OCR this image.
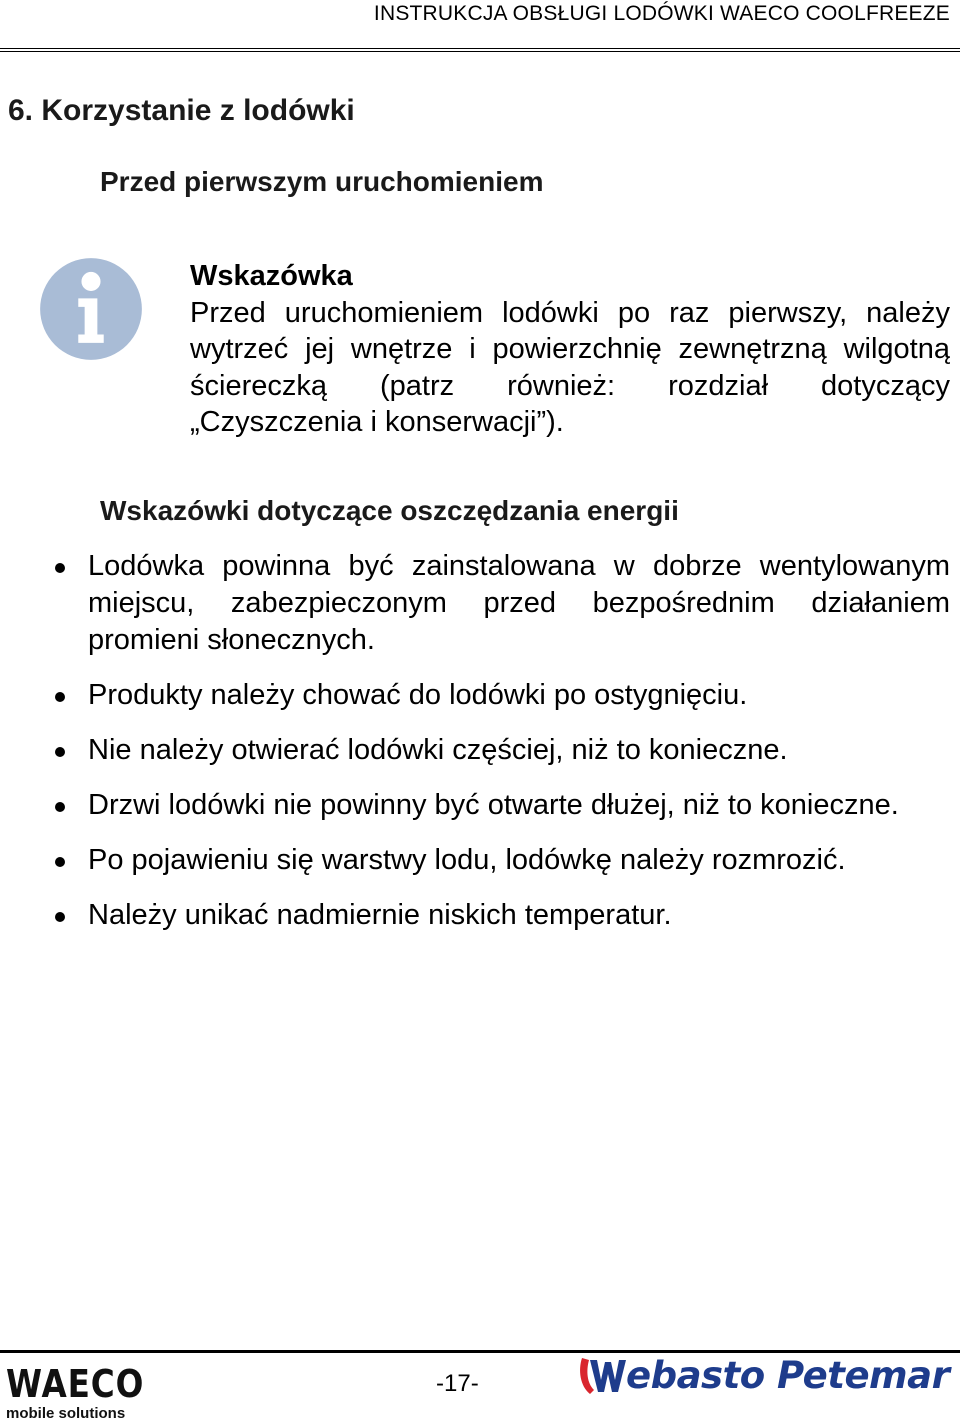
INSTRUKCJA OBSŁUGI LODÓWKI WAECO COOLFREEZE
6. Korzystanie z lodówki
Przed pierwszym uruchomieniem
Wskazówka
Przed uruchomieniem lodówki po raz pierwszy, należy wytrzeć jej wnętrze i powierzchnię zewnętrzną wilgotną ściereczką (patrz również: rozdział dotyczący „Czyszczenia i konserwacji”).
Wskazówki dotyczące oszczędzania energii
Lodówka powinna być zainstalowana w dobrze wentylowanym miejscu, zabezpieczonym przed bezpośrednim działaniem promieni słonecznych.
Produkty należy chować do lodówki po ostygnięciu.
Nie należy otwierać lodówki częściej, niż to konieczne.
Drzwi lodówki nie powinny być otwarte dłużej, niż to konieczne.
Po pojawieniu się warstwy lodu, lodówkę należy rozmrozić.
Należy unikać nadmiernie niskich temperatur.
WAECO
mobile solutions
-17-	ebasto Petemar
